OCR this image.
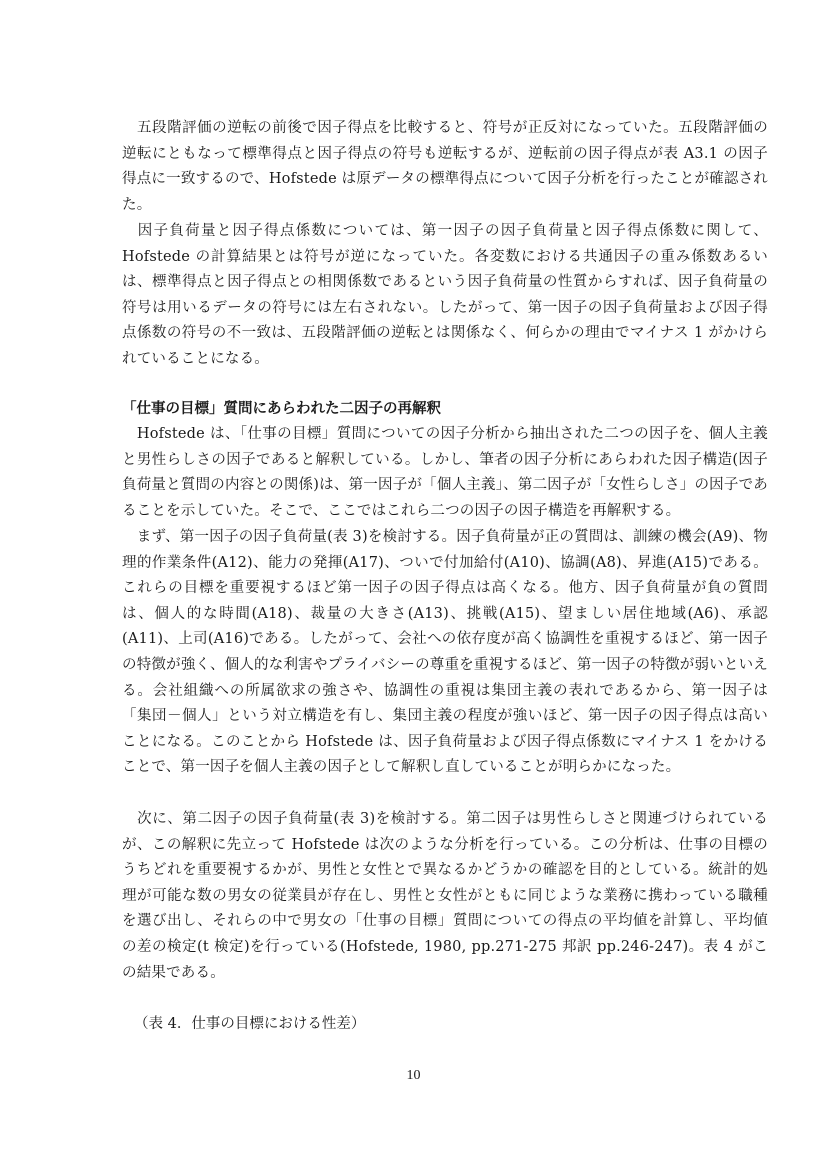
　五段階評価の逆転の前後で因子得点を比較すると、符号が正反対になっていた。五段階評価の逆転にともなって標準得点と因子得点の符号も逆転するが、逆転前の因子得点が表 A3.1 の因子得点に一致するので、Hofstede は原データの標準得点について因子分析を行ったことが確認された。

　因子負荷量と因子得点係数については、第一因子の因子負荷量と因子得点係数に関して、Hofstede の計算結果とは符号が逆になっていた。各変数における共通因子の重み係数あるいは、標準得点と因子得点との相関係数であるという因子負荷量の性質からすれば、因子負荷量の符号は用いるデータの符号には左右されない。したがって、第一因子の因子負荷量および因子得点係数の符号の不一致は、五段階評価の逆転とは関係なく、何らかの理由でマイナス 1 がかけられていることになる。

「仕事の目標」質問にあらわれた二因子の再解釈

　Hofstede は、「仕事の目標」質問についての因子分析から抽出された二つの因子を、個人主義と男性らしさの因子であると解釈している。しかし、筆者の因子分析にあらわれた因子構造(因子負荷量と質問の内容との関係)は、第一因子が「個人主義」、第二因子が「女性らしさ」の因子であることを示していた。そこで、ここではこれら二つの因子の因子構造を再解釈する。

　まず、第一因子の因子負荷量(表 3)を検討する。因子負荷量が正の質問は、訓練の機会(A9)、物理的作業条件(A12)、能力の発揮(A17)、ついで付加給付(A10)、協調(A8)、昇進(A15)である。これらの目標を重要視するほど第一因子の因子得点は高くなる。他方、因子負荷量が負の質問は、個人的な時間(A18)、裁量の大きさ(A13)、挑戦(A15)、望ましい居住地域(A6)、承認(A11)、上司(A16)である。したがって、会社への依存度が高く協調性を重視するほど、第一因子の特徴が強く、個人的な利害やプライバシーの尊重を重視するほど、第一因子の特徴が弱いといえる。会社組織への所属欲求の強さや、協調性の重視は集団主義の表れであるから、第一因子は「集団－個人」という対立構造を有し、集団主義の程度が強いほど、第一因子の因子得点は高いことになる。このことから Hofstede は、因子負荷量および因子得点係数にマイナス 1 をかけることで、第一因子を個人主義の因子として解釈し直していることが明らかになった。

　次に、第二因子の因子負荷量(表 3)を検討する。第二因子は男性らしさと関連づけられているが、この解釈に先立って Hofstede は次のような分析を行っている。この分析は、仕事の目標のうちどれを重要視するかが、男性と女性とで異なるかどうかの確認を目的としている。統計的処理が可能な数の男女の従業員が存在し、男性と女性がともに同じような業務に携わっている職種を選び出し、それらの中で男女の「仕事の目標」質問についての得点の平均値を計算し、平均値の差の検定(t 検定)を行っている(Hofstede, 1980, pp.271-275 邦訳 pp.246-247)。表 4 がこの結果である。

（表 4．仕事の目標における性差）
10
